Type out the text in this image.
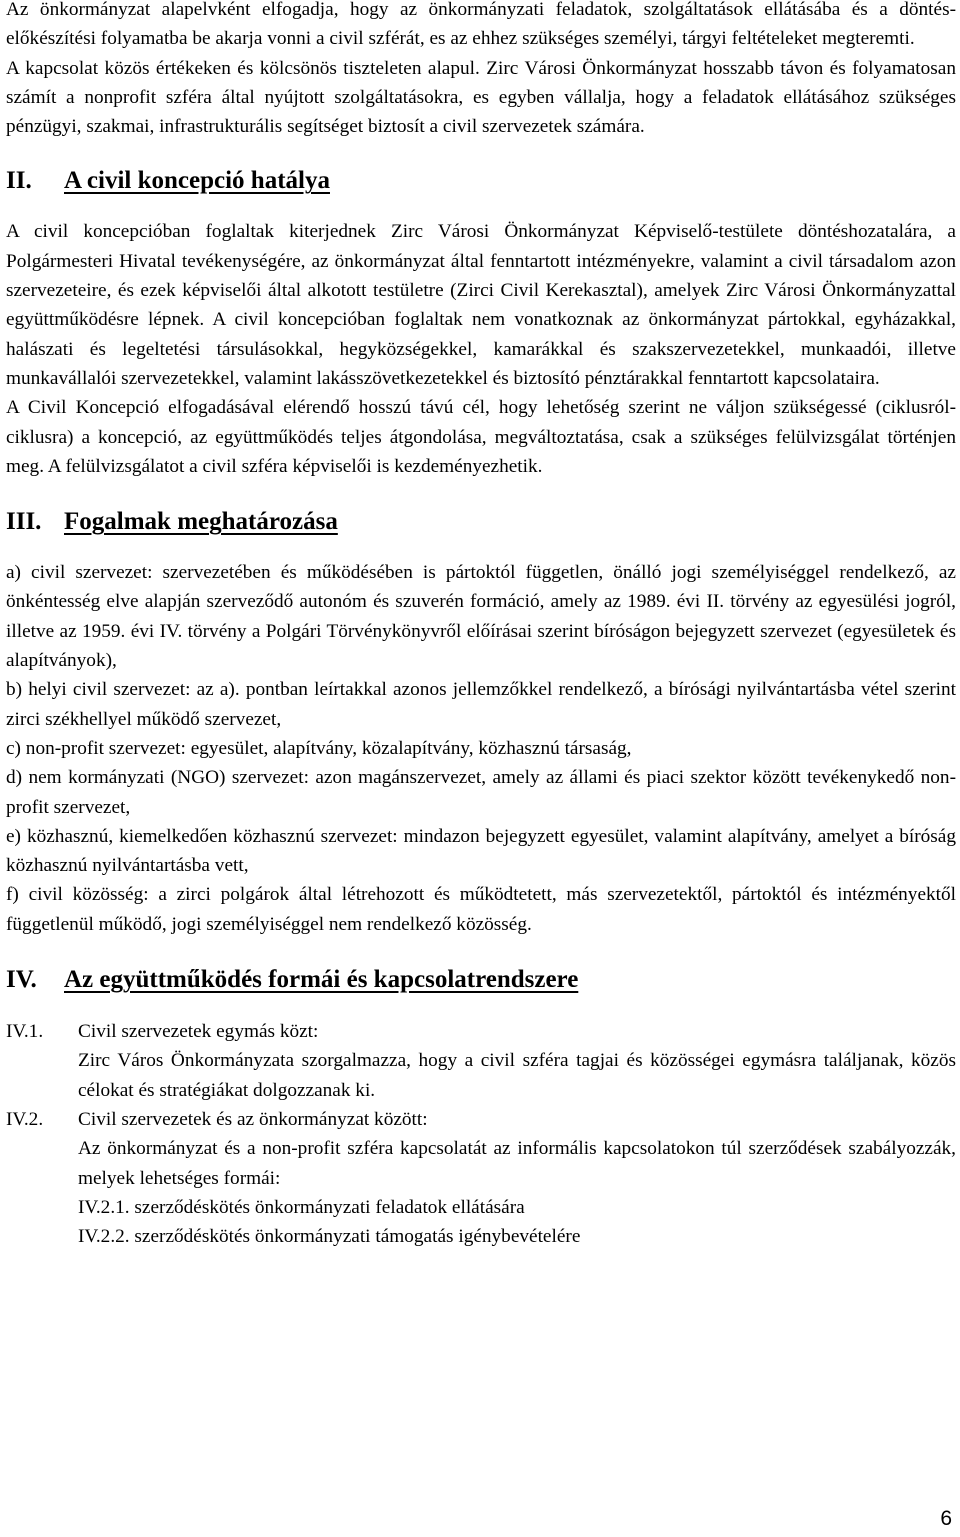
Az önkormányzat alapelvként elfogadja, hogy az önkormányzati feladatok, szolgáltatások ellátásába és a döntés-előkészítési folyamatba be akarja vonni a civil szférát, es az ehhez szükséges személyi, tárgyi feltételeket megteremti.

A kapcsolat közös értékeken és kölcsönös tiszteleten alapul. Zirc Városi Önkormányzat hosszabb távon és folyamatosan számít a nonprofit szféra által nyújtott szolgáltatásokra, es egyben vállalja, hogy a feladatok ellátásához szükséges pénzügyi, szakmai, infrastrukturális segítséget biztosít a civil szervezetek számára.

II.	A civil koncepció hatálya

A civil koncepcióban foglaltak kiterjednek Zirc Városi Önkormányzat Képviselő-testülete döntéshozatalára, a Polgármesteri Hivatal tevékenységére, az önkormányzat által fenntartott intézményekre, valamint a civil társadalom azon szervezeteire, és ezek képviselői által alkotott testületre (Zirci Civil Kerekasztal), amelyek Zirc Városi Önkormányzattal együttműködésre lépnek. A civil koncepcióban foglaltak nem vonatkoznak az önkormányzat pártokkal, egyházakkal, halászati és legeltetési társulásokkal, hegyközségekkel, kamarákkal és szakszervezetekkel, munkaadói, illetve munkavállalói szervezetekkel, valamint lakásszövetkezetekkel és biztosító pénztárakkal fenntartott kapcsolataira.

A Civil Koncepció elfogadásával elérendő hosszú távú cél, hogy lehetőség szerint ne váljon szükségessé (ciklusról-ciklusra) a koncepció, az együttműködés teljes átgondolása, megváltoztatása, csak a szükséges felülvizsgálat történjen meg. A felülvizsgálatot a civil szféra képviselői is kezdeményezhetik.

III. Fogalmak meghatározása

a) civil szervezet: szervezetében és működésében is pártoktól független, önálló jogi személyiséggel rendelkező, az önkéntesség elve alapján szerveződő autonóm és szuverén formáció, amely az 1989. évi II. törvény az egyesülési jogról, illetve az 1959. évi IV. törvény a Polgári Törvénykönyvről előírásai szerint bíróságon bejegyzett szervezet (egyesületek és alapítványok),

b) helyi civil szervezet: az a). pontban leírtakkal azonos jellemzőkkel rendelkező, a bírósági nyilvántartásba vétel szerint zirci székhellyel működő szervezet,

c) non-profit szervezet: egyesület, alapítvány, közalapítvány, közhasznú társaság,

d) nem kormányzati (NGO) szervezet: azon magánszervezet, amely az állami és piaci szektor között tevékenykedő non-profit szervezet,

e) közhasznú, kiemelkedően közhasznú szervezet: mindazon bejegyzett egyesület, valamint alapítvány, amelyet a bíróság közhasznú nyilvántartásba vett,

f) civil közösség: a zirci polgárok által létrehozott és működtetett, más szervezetektől, pártoktól és intézményektől függetlenül működő, jogi személyiséggel nem rendelkező közösség.

IV.	Az együttműködés formái és kapcsolatrendszere
IV.1.	Civil szervezetek egymás közt:
Zirc Város Önkormányzata szorgalmazza, hogy a civil szféra tagjai és közösségei egymásra találjanak, közös célokat és stratégiákat dolgozzanak ki.
IV.2.	Civil szervezetek és az önkormányzat között:
Az önkormányzat és a non-profit szféra kapcsolatát az informális kapcsolatokon túl szerződések szabályozzák, melyek lehetséges formái:
IV.2.1. szerződéskötés önkormányzati feladatok ellátására
IV.2.2. szerződéskötés önkormányzati támogatás igénybevételére
6
